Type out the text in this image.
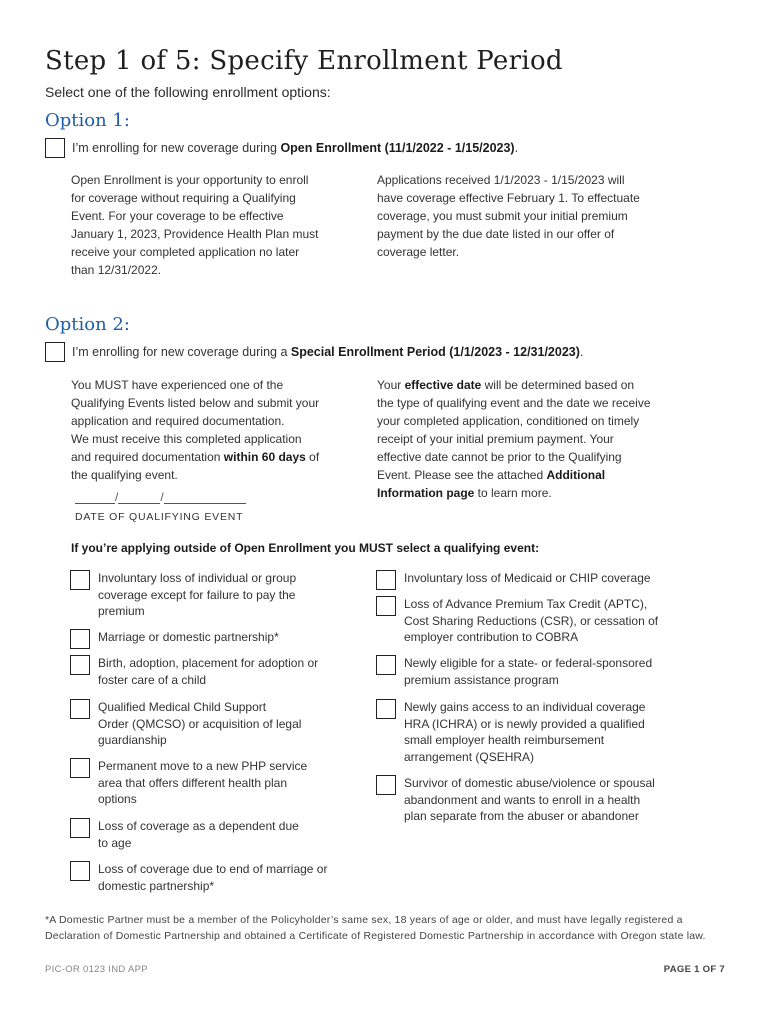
Step 1 of 5: Specify Enrollment Period
Select one of the following enrollment options:
Option 1:
I’m enrolling for new coverage during Open Enrollment (11/1/2022 - 1/15/2023).
Open Enrollment is your opportunity to enroll
for coverage without requiring a Qualifying
Event. For your coverage to be effective
January 1, 2023, Providence Health Plan must
receive your completed application no later
than 12/31/2022.
Applications received 1/1/2023 - 1/15/2023 will
have coverage effective February 1. To effectuate
coverage, you must submit your initial premium
payment by the due date listed in our offer of
coverage letter.
Option 2:
I’m enrolling for new coverage during a Special Enrollment Period (1/1/2023 - 12/31/2023).
You MUST have experienced one of the
Qualifying Events listed below and submit your
application and required documentation.
We must receive this completed application
and required documentation within 60 days of
the qualifying event.
Your effective date will be determined based on
the type of qualifying event and the date we receive
your completed application, conditioned on timely
receipt of your initial premium payment. Your
effective date cannot be prior to the Qualifying
Event. Please see the attached Additional
Information page to learn more.
/	/
DATE OF QUALIFYING EVENT
If you’re applying outside of Open Enrollment you MUST select a qualifying event:
Involuntary loss of individual or group
coverage except for failure to pay the
premium
Marriage or domestic partnership*
Birth, adoption, placement for adoption or
foster care of a child
Qualified Medical Child Support
Order (QMCSO) or acquisition of legal
guardianship
Permanent move to a new PHP service
area that offers different health plan
options
Loss of coverage as a dependent due
to age
Loss of coverage due to end of marriage or
domestic partnership*
Involuntary loss of Medicaid or CHIP coverage
Loss of Advance Premium Tax Credit (APTC),
Cost Sharing Reductions (CSR), or cessation of
employer contribution to COBRA
Newly eligible for a state- or federal-sponsored
premium assistance program
Newly gains access to an individual coverage
HRA (ICHRA) or is newly provided a qualified
small employer health reimbursement
arrangement (QSEHRA)
Survivor of domestic abuse/violence or spousal
abandonment and wants to enroll in a health
plan separate from the abuser or abandoner
*A Domestic Partner must be a member of the Policyholder’s same sex, 18 years of age or older, and must have legally registered a
Declaration of Domestic Partnership and obtained a Certificate of Registered Domestic Partnership in accordance with Oregon state law.
PIC-OR 0123 IND APP	PAGE 1 OF 7
